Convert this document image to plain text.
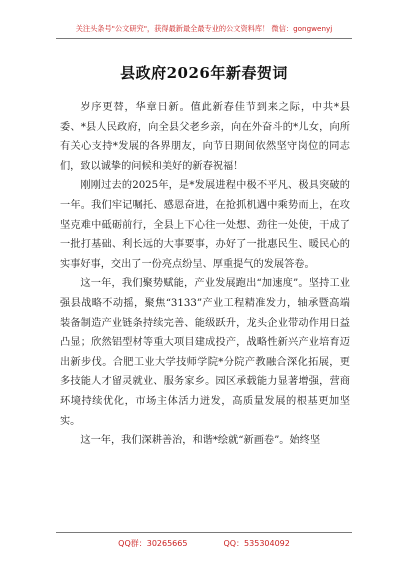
关注头条号"公文研究"，获得最新最全最专业的公文资料库！ 微信：gongwenyj
县政府2026年新春贺词

岁序更替，华章日新。值此新春佳节到来之际，中共*县委、*县人民政府，向全县父老乡亲，向在外奋斗的*儿女，向所有关心支持*发展的各界朋友，向节日期间依然坚守岗位的同志们，致以诚挚的问候和美好的新春祝福！

刚刚过去的2025年，是*发展进程中极不平凡、极具突破的一年。我们牢记嘱托、感恩奋进，在抢抓机遇中乘势而上，在攻坚克难中砥砺前行，全县上下心往一处想、劲往一处使，干成了一批打基础、利长远的大事要事，办好了一批惠民生、暖民心的实事好事，交出了一份亮点纷呈、厚重提气的发展答卷。

这一年，我们聚势赋能，产业发展跑出“加速度”。坚持工业强县战略不动摇，聚焦“3133”产业工程精准发力，轴承暨高端装备制造产业链条持续完善、能级跃升，龙头企业带动作用日益凸显；欣然铝型材等重大项目建成投产，战略性新兴产业培育迈出新步伐。合肥工业大学技师学院*分院产教融合深化拓展，更多技能人才留灵就业、服务家乡。园区承载能力显著增强，营商环境持续优化，市场主体活力迸发，高质量发展的根基更加坚实。

这一年，我们深耕善治，和谐*绘就“新画卷”。始终坚

QQ群：30265665	QQ：535304092
